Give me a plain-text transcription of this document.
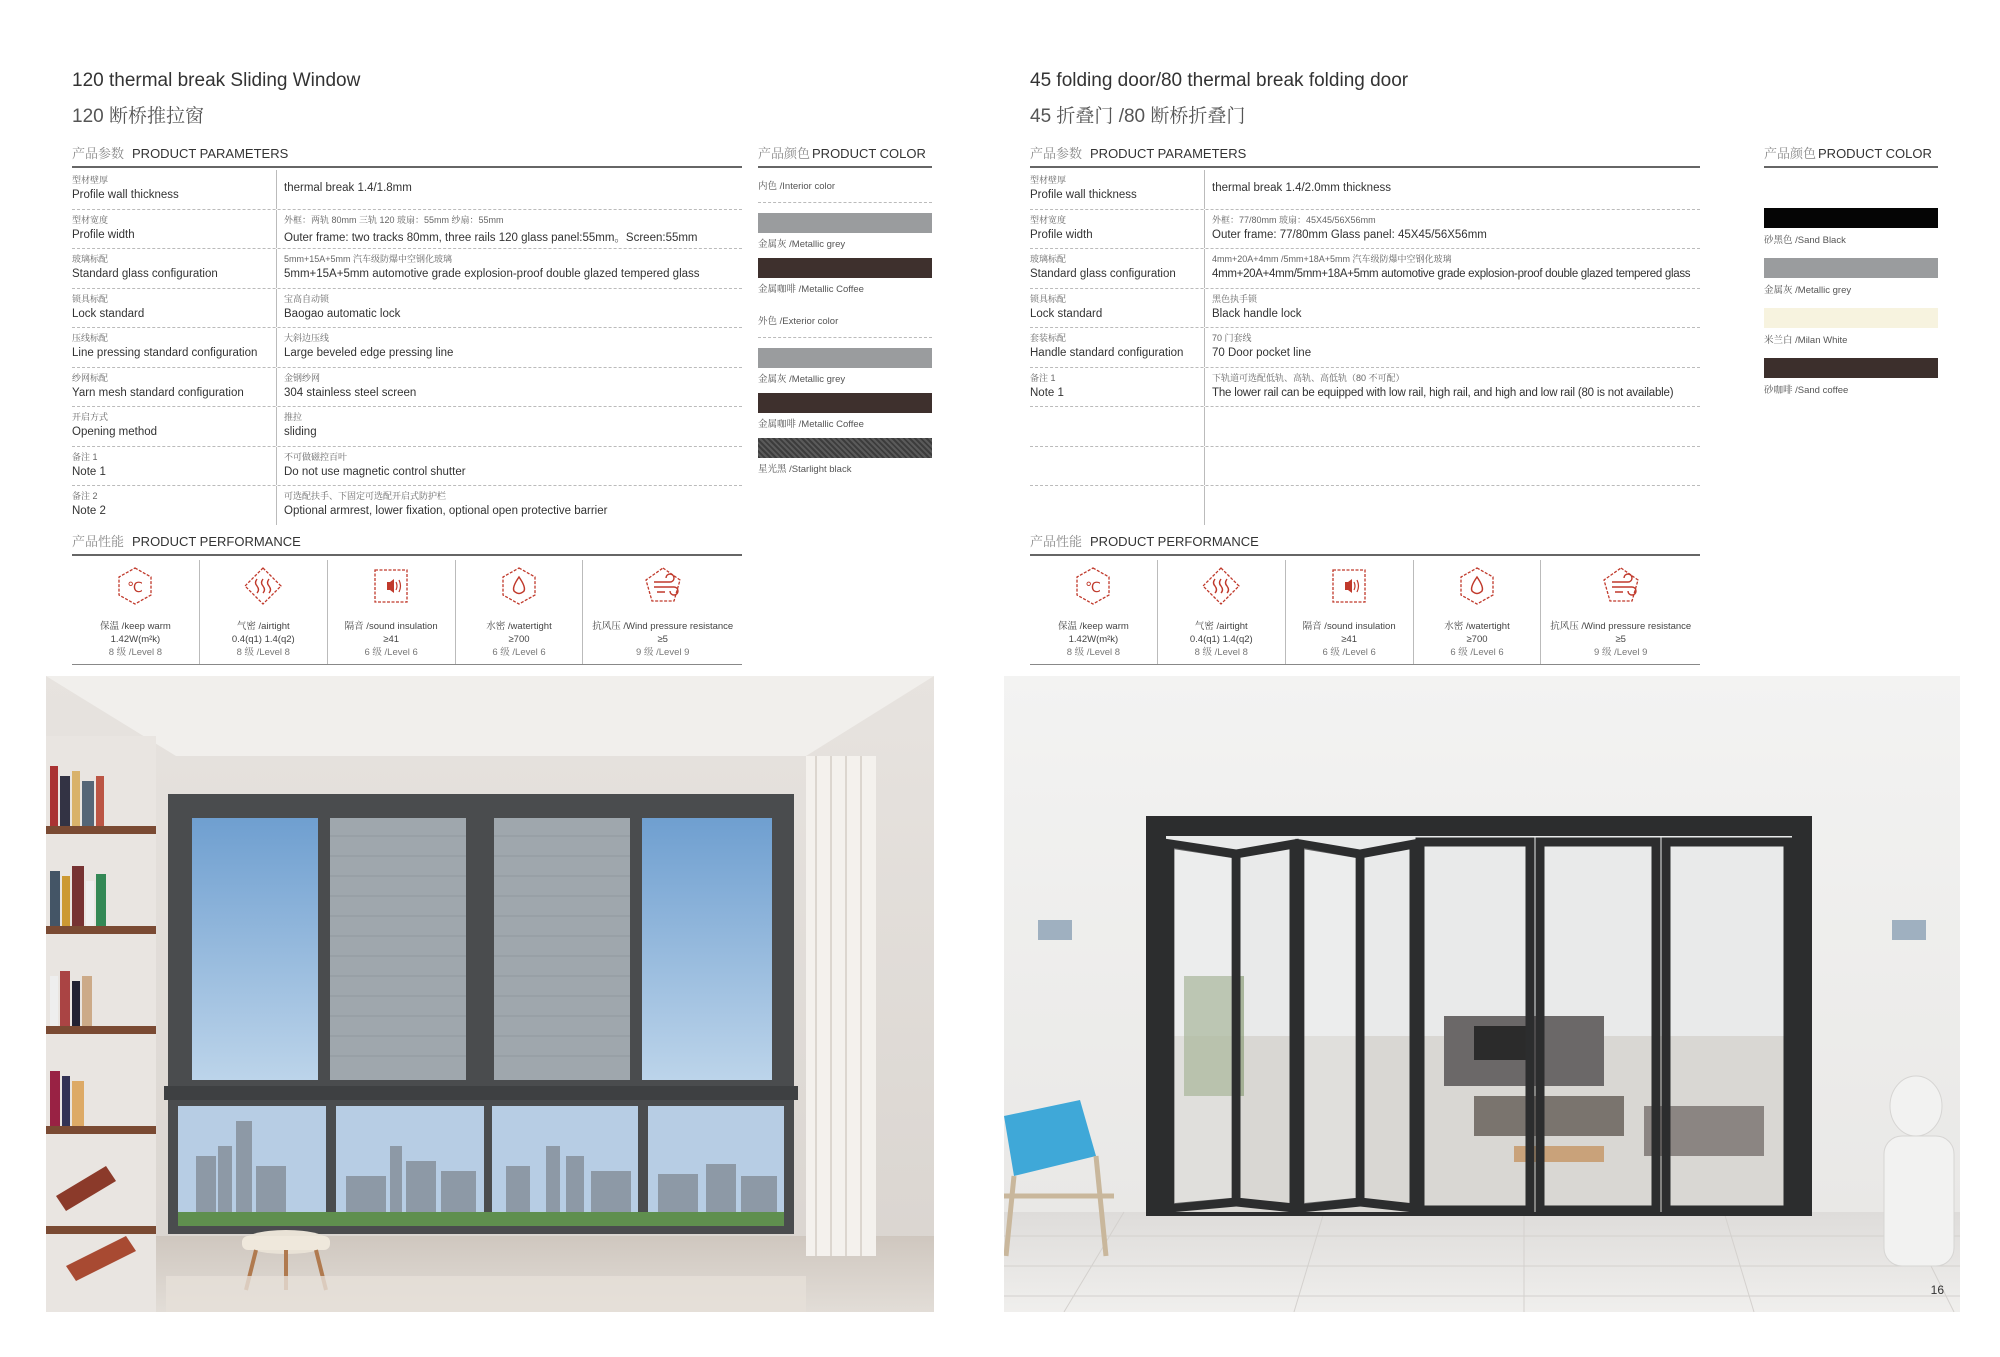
120 thermal break Sliding Window
120 断桥推拉窗
产品参数 PRODUCT PARAMETERS	产品颜色 PRODUCT COLOR
型材壁厚
Profile wall thickness
thermal break 1.4/1.8mm
型材宽度
Profile width
外框：两轨 80mm 三轨 120 玻扇：55mm 纱扇：55mm
Outer frame: two tracks 80mm, three rails 120 glass panel:55mm。Screen:55mm
玻璃标配
Standard glass configuration
5mm+15A+5mm 汽车级防爆中空钢化玻璃
5mm+15A+5mm automotive grade explosion-proof double glazed tempered glass
锁具标配
Lock standard
宝高自动锁
Baogao automatic lock
压线标配
Line pressing standard configuration
大斜边压线
Large beveled edge pressing line
纱网标配
Yarn mesh standard configuration
金钢纱网
304 stainless steel screen
开启方式
Opening method
推拉
sliding
备注 1
Note 1
不可做磁控百叶
Do not use magnetic control shutter
备注 2
Note 2
可选配扶手、下固定可选配开启式防护栏
Optional armrest, lower fixation, optional open protective barrier
内色 /Interior color
金属灰 /Metallic grey
金属咖啡 /Metallic Coffee
外色 /Exterior color
金属灰 /Metallic grey
金属咖啡 /Metallic Coffee
星光黑 /Starlight black
产品性能 PRODUCT PERFORMANCE
℃
保温 /keep warm
1.42W(m²k)
8 级 /Level 8
气密 /airtight
0.4(q1) 1.4(q2)
8 级 /Level 8
隔音 /sound insulation
≥41
6 级 /Level 6
水密 /watertight
≥700
6 级 /Level 6
抗风压 /Wind pressure resistance
≥5
9 级 /Level 9
45 folding door/80 thermal break folding door
45 折叠门 /80 断桥折叠门
产品参数 PRODUCT PARAMETERS	产品颜色 PRODUCT COLOR
型材壁厚
Profile wall thickness
thermal break 1.4/2.0mm thickness
型材宽度
Profile width
外框：77/80mm 玻扇：45X45/56X56mm
Outer frame: 77/80mm Glass panel: 45X45/56X56mm
玻璃标配
Standard glass configuration
4mm+20A+4mm /5mm+18A+5mm 汽车级防爆中空钢化玻璃
4mm+20A+4mm/5mm+18A+5mm automotive grade explosion-proof double glazed tempered glass
锁具标配
Lock standard
黑色执手锁
Black handle lock
套装标配
Handle standard configuration
70 门套线
70 Door pocket line
备注 1
Note 1
下轨道可选配低轨、高轨、高低轨（80 不可配）
The lower rail can be equipped with low rail, high rail, and high and low rail (80 is not available)
砂黑色 /Sand Black
金属灰 /Metallic grey
米兰白 /Milan White
砂咖啡 /Sand coffee
产品性能 PRODUCT PERFORMANCE
℃
保温 /keep warm
1.42W(m²k)
8 级 /Level 8
气密 /airtight
0.4(q1) 1.4(q2)
8 级 /Level 8
隔音 /sound insulation
≥41
6 级 /Level 6
水密 /watertight
≥700
6 级 /Level 6
抗风压 /Wind pressure resistance
≥5
9 级 /Level 9
16
